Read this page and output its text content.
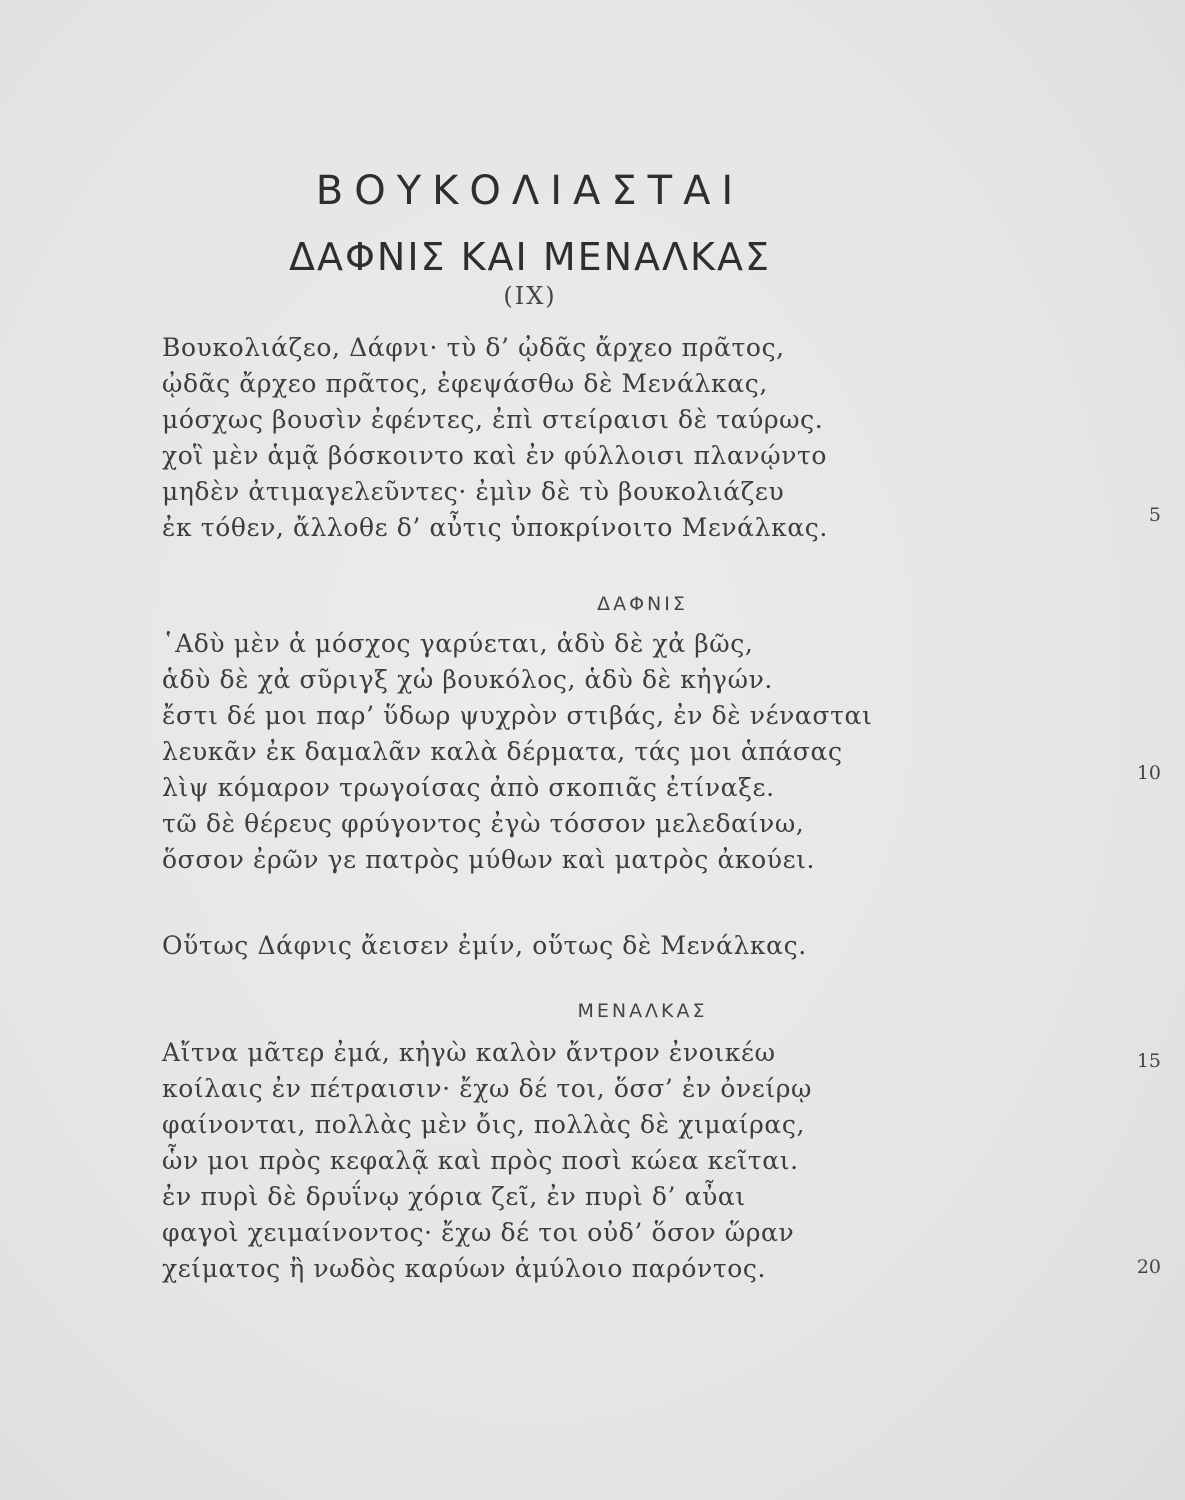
ΒΟΥΚΟΛΙΑΣΤΑΙ
ΔΑΦΝΙΣ ΚΑΙ ΜΕΝΑΛΚΑΣ
(IX)
Βουκολιάζεο, Δάφνι· τὺ δ’ ᾠδᾶς ἄρχεο πρᾶτος,
ᾠδᾶς ἄρχεο πρᾶτος, ἐφεψάσθω δὲ Μενάλκας,
μόσχως βουσὶν ἐφέντες, ἐπὶ στείραισι δὲ ταύρως.
χοἳ μὲν ἁμᾷ βόσκοιντο καὶ ἐν φύλλοισι πλανῴντο
μηδὲν ἀτιμαγελεῦντες· ἐμὶν δὲ τὺ βουκολιάζευ
5
ἐκ τόθεν, ἄλλοθε δ’ αὖτις ὑποκρίνοιτο Μενάλκας.
ΔΑΦΝΙΣ
῾Αδὺ μὲν ἁ μόσχος γαρύεται, ἁδὺ δὲ χἀ βῶς,
ἁδὺ δὲ χἀ σῦριγξ χὡ βουκόλος, ἁδὺ δὲ κἠγών.
ἔστι δέ μοι παρ’ ὕδωρ ψυχρὸν στιβάς, ἐν δὲ νένασται
λευκᾶν ἐκ δαμαλᾶν καλὰ δέρματα, τάς μοι ἁπάσας
10
λὶψ κόμαρον τρωγοίσας ἀπὸ σκοπιᾶς ἐτίναξε.
τῶ δὲ θέρευς φρύγοντος ἐγὼ τόσσον μελεδαίνω,
ὅσσον ἐρῶν γε πατρὸς μύθων καὶ ματρὸς ἀκούει.
Οὕτως Δάφνις ἄεισεν ἐμίν, οὕτως δὲ Μενάλκας.
ΜΕΝΑΛΚΑΣ
Αἴτνα μᾶτερ ἐμά, κἠγὼ καλὸν ἄντρον ἐνοικέω	15
κοίλαις ἐν πέτραισιν· ἔχω δέ τοι, ὅσσ’ ἐν ὀνείρῳ
φαίνονται, πολλὰς μὲν ὄις, πολλὰς δὲ χιμαίρας,
ὧν μοι πρὸς κεφαλᾷ καὶ πρὸς ποσὶ κώεα κεῖται.
ἐν πυρὶ δὲ δρυΐνῳ χόρια ζεῖ, ἐν πυρὶ δ’ αὖαι
φαγοὶ χειμαίνοντος· ἔχω δέ τοι οὐδ’ ὅσον ὥραν
20
χείματος ἢ νωδὸς καρύων ἀμύλοιο παρόντος.
